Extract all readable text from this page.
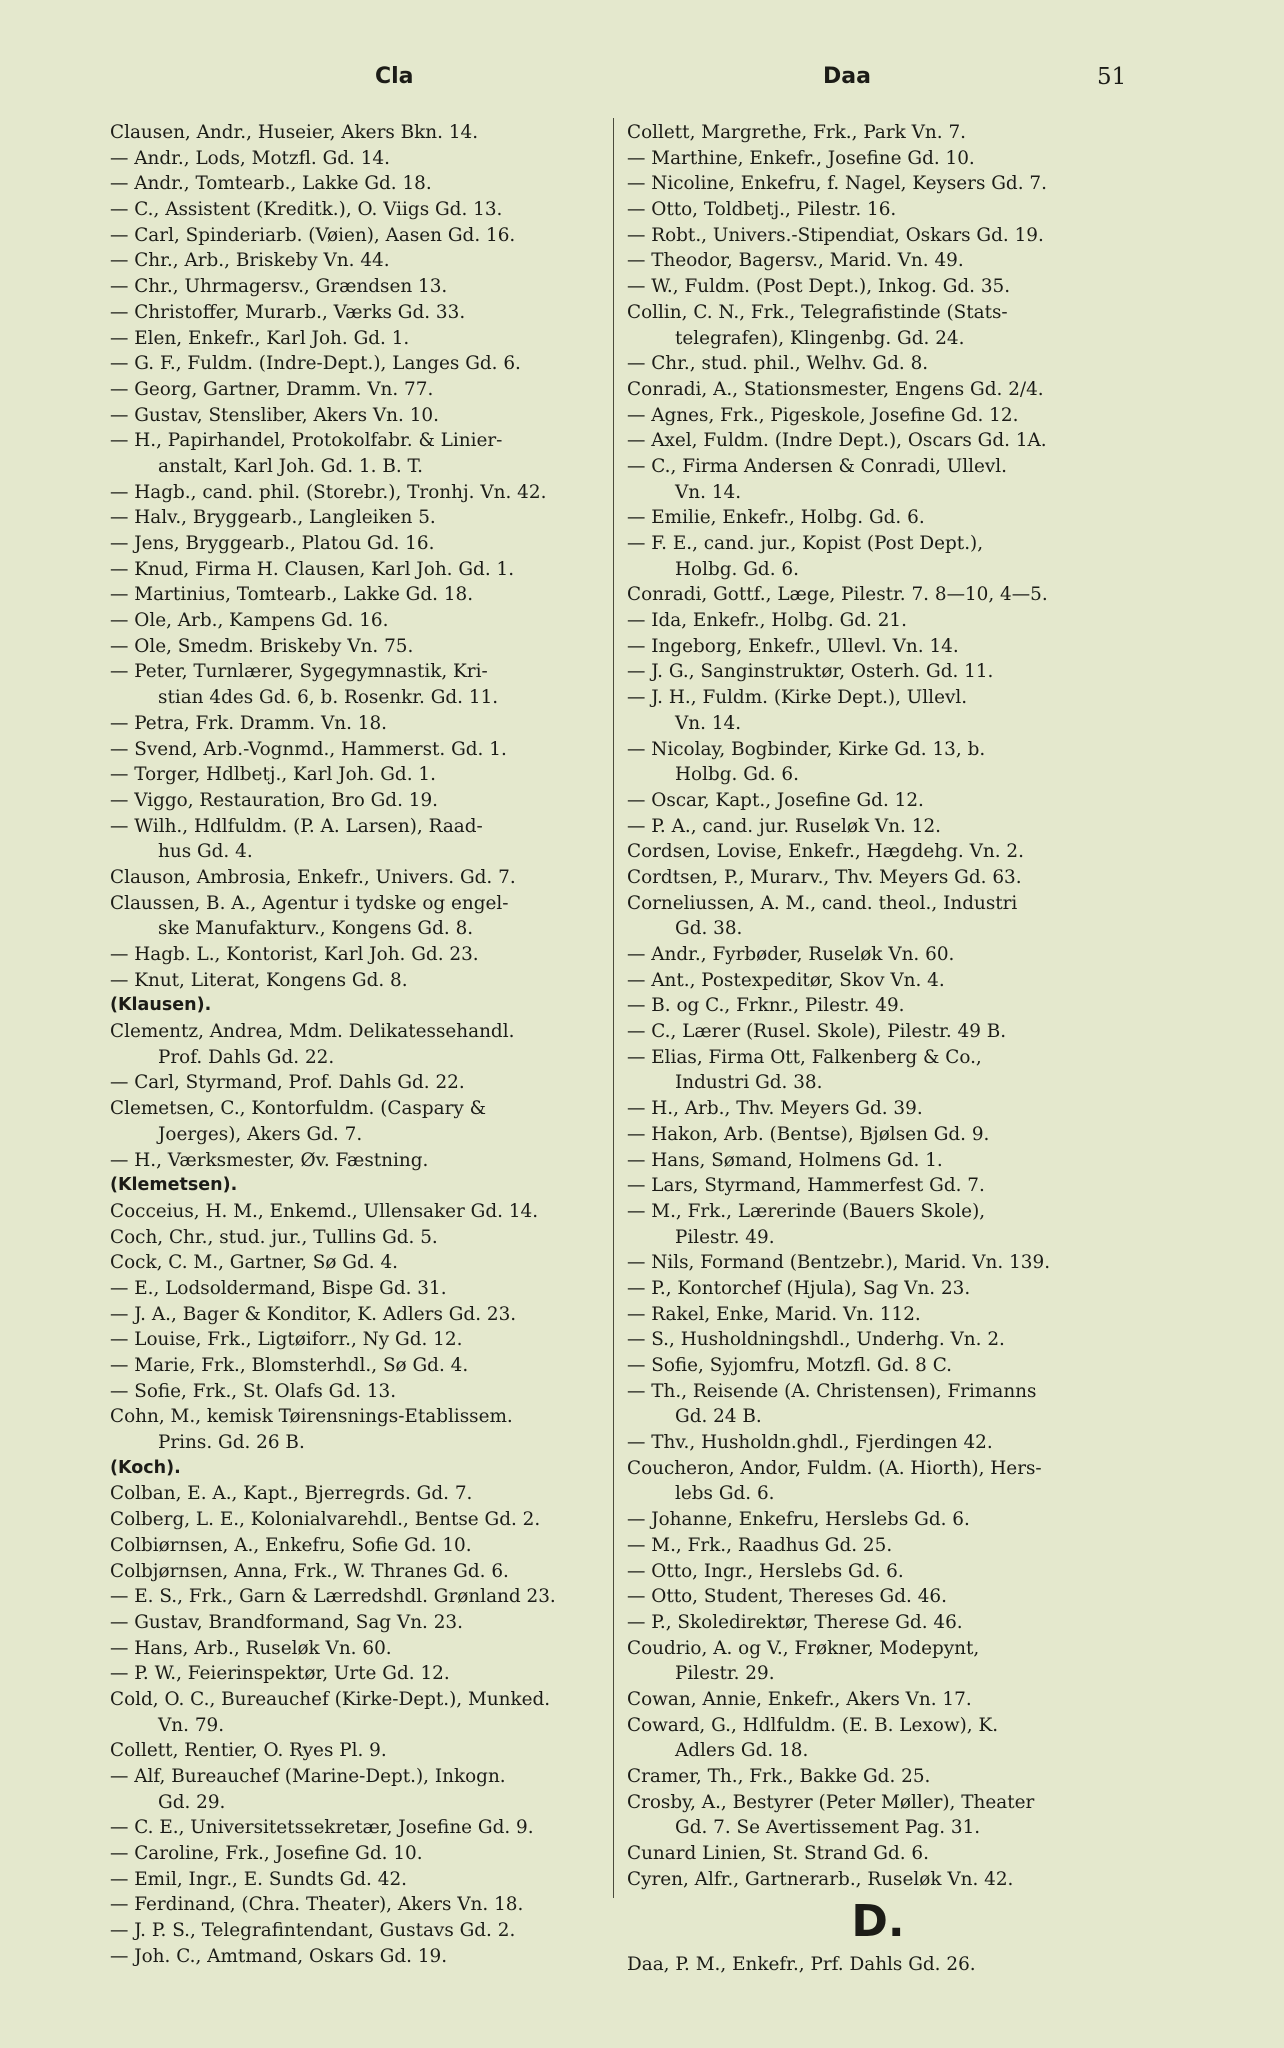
Cla	Daa	51
Clausen, Andr., Huseier, Akers Bkn. 14.
— Andr., Lods, Motzfl. Gd. 14.
— Andr., Tomtearb., Lakke Gd. 18.
— C., Assistent (Kreditk.), O. Viigs Gd. 13.
— Carl, Spinderiarb. (Vøien), Aasen Gd. 16.
— Chr., Arb., Briskeby Vn. 44.
— Chr., Uhrmagersv., Grændsen 13.
— Christoffer, Murarb., Værks Gd. 33.
— Elen, Enkefr., Karl Joh. Gd. 1.
— G. F., Fuldm. (Indre-Dept.), Langes Gd. 6.
— Georg, Gartner, Dramm. Vn. 77.
— Gustav, Stensliber, Akers Vn. 10.
— H., Papirhandel, Protokolfabr. & Linier-
anstalt, Karl Joh. Gd. 1. B. T.
— Hagb., cand. phil. (Storebr.), Tronhj. Vn. 42.
— Halv., Bryggearb., Langleiken 5.
— Jens, Bryggearb., Platou Gd. 16.
— Knud, Firma H. Clausen, Karl Joh. Gd. 1.
— Martinius, Tomtearb., Lakke Gd. 18.
— Ole, Arb., Kampens Gd. 16.
— Ole, Smedm. Briskeby Vn. 75.
— Peter, Turnlærer, Sygegymnastik, Kri-
stian 4des Gd. 6, b. Rosenkr. Gd. 11.
— Petra, Frk. Dramm. Vn. 18.
— Svend, Arb.-Vognmd., Hammerst. Gd. 1.
— Torger, Hdlbetj., Karl Joh. Gd. 1.
— Viggo, Restauration, Bro Gd. 19.
— Wilh., Hdlfuldm. (P. A. Larsen), Raad-
hus Gd. 4.
Clauson, Ambrosia, Enkefr., Univers. Gd. 7.
Claussen, B. A., Agentur i tydske og engel-
ske Manufakturv., Kongens Gd. 8.
— Hagb. L., Kontorist, Karl Joh. Gd. 23.
— Knut, Literat, Kongens Gd. 8.
(Klausen).
Clementz, Andrea, Mdm. Delikatessehandl.
Prof. Dahls Gd. 22.
— Carl, Styrmand, Prof. Dahls Gd. 22.
Clemetsen, C., Kontorfuldm. (Caspary &
Joerges), Akers Gd. 7.
— H., Værksmester, Øv. Fæstning.
(Klemetsen).
Cocceius, H. M., Enkemd., Ullensaker Gd. 14.
Coch, Chr., stud. jur., Tullins Gd. 5.
Cock, C. M., Gartner, Sø Gd. 4.
— E., Lodsoldermand, Bispe Gd. 31.
— J. A., Bager & Konditor, K. Adlers Gd. 23.
— Louise, Frk., Ligtøiforr., Ny Gd. 12.
— Marie, Frk., Blomsterhdl., Sø Gd. 4.
— Sofie, Frk., St. Olafs Gd. 13.
Cohn, M., kemisk Tøirensnings-Etablissem.
Prins. Gd. 26 B.
(Koch).
Colban, E. A., Kapt., Bjerregrds. Gd. 7.
Colberg, L. E., Kolonialvarehdl., Bentse Gd. 2.
Colbiørnsen, A., Enkefru, Sofie Gd. 10.
Colbjørnsen, Anna, Frk., W. Thranes Gd. 6.
— E. S., Frk., Garn & Lærredshdl. Grønland 23.
— Gustav, Brandformand, Sag Vn. 23.
— Hans, Arb., Ruseløk Vn. 60.
— P. W., Feierinspektør, Urte Gd. 12.
Cold, O. C., Bureauchef (Kirke-Dept.), Munked.
Vn. 79.
Collett, Rentier, O. Ryes Pl. 9.
— Alf, Bureauchef (Marine-Dept.), Inkogn.
Gd. 29.
— C. E., Universitetssekretær, Josefine Gd. 9.
— Caroline, Frk., Josefine Gd. 10.
— Emil, Ingr., E. Sundts Gd. 42.
— Ferdinand, (Chra. Theater), Akers Vn. 18.
— J. P. S., Telegrafintendant, Gustavs Gd. 2.
— Joh. C., Amtmand, Oskars Gd. 19.
Collett, Margrethe, Frk., Park Vn. 7.
— Marthine, Enkefr., Josefine Gd. 10.
— Nicoline, Enkefru, f. Nagel, Keysers Gd. 7.
— Otto, Toldbetj., Pilestr. 16.
— Robt., Univers.-Stipendiat, Oskars Gd. 19.
— Theodor, Bagersv., Marid. Vn. 49.
— W., Fuldm. (Post Dept.), Inkog. Gd. 35.
Collin, C. N., Frk., Telegrafistinde (Stats-
telegrafen), Klingenbg. Gd. 24.
— Chr., stud. phil., Welhv. Gd. 8.
Conradi, A., Stationsmester, Engens Gd. 2/4.
— Agnes, Frk., Pigeskole, Josefine Gd. 12.
— Axel, Fuldm. (Indre Dept.), Oscars Gd. 1A.
— C., Firma Andersen & Conradi, Ullevl.
Vn. 14.
— Emilie, Enkefr., Holbg. Gd. 6.
— F. E., cand. jur., Kopist (Post Dept.),
Holbg. Gd. 6.
Conradi, Gottf., Læge, Pilestr. 7. 8—10, 4—5.
— Ida, Enkefr., Holbg. Gd. 21.
— Ingeborg, Enkefr., Ullevl. Vn. 14.
— J. G., Sanginstruktør, Osterh. Gd. 11.
— J. H., Fuldm. (Kirke Dept.), Ullevl.
Vn. 14.
— Nicolay, Bogbinder, Kirke Gd. 13, b.
Holbg. Gd. 6.
— Oscar, Kapt., Josefine Gd. 12.
— P. A., cand. jur. Ruseløk Vn. 12.
Cordsen, Lovise, Enkefr., Hægdehg. Vn. 2.
Cordtsen, P., Murarv., Thv. Meyers Gd. 63.
Corneliussen, A. M., cand. theol., Industri
Gd. 38.
— Andr., Fyrbøder, Ruseløk Vn. 60.
— Ant., Postexpeditør, Skov Vn. 4.
— B. og C., Frknr., Pilestr. 49.
— C., Lærer (Rusel. Skole), Pilestr. 49 B.
— Elias, Firma Ott, Falkenberg & Co.,
Industri Gd. 38.
— H., Arb., Thv. Meyers Gd. 39.
— Hakon, Arb. (Bentse), Bjølsen Gd. 9.
— Hans, Sømand, Holmens Gd. 1.
— Lars, Styrmand, Hammerfest Gd. 7.
— M., Frk., Lærerinde (Bauers Skole),
Pilestr. 49.
— Nils, Formand (Bentzebr.), Marid. Vn. 139.
— P., Kontorchef (Hjula), Sag Vn. 23.
— Rakel, Enke, Marid. Vn. 112.
— S., Husholdningshdl., Underhg. Vn. 2.
— Sofie, Syjomfru, Motzfl. Gd. 8 C.
— Th., Reisende (A. Christensen), Frimanns
Gd. 24 B.
— Thv., Husholdn.ghdl., Fjerdingen 42.
Coucheron, Andor, Fuldm. (A. Hiorth), Hers-
lebs Gd. 6.
— Johanne, Enkefru, Herslebs Gd. 6.
— M., Frk., Raadhus Gd. 25.
— Otto, Ingr., Herslebs Gd. 6.
— Otto, Student, Thereses Gd. 46.
— P., Skoledirektør, Therese Gd. 46.
Coudrio, A. og V., Frøkner, Modepynt,
Pilestr. 29.
Cowan, Annie, Enkefr., Akers Vn. 17.
Coward, G., Hdlfuldm. (E. B. Lexow), K.
Adlers Gd. 18.
Cramer, Th., Frk., Bakke Gd. 25.
Crosby, A., Bestyrer (Peter Møller), Theater
Gd. 7. Se Avertissement Pag. 31.
Cunard Linien, St. Strand Gd. 6.
Cyren, Alfr., Gartnerarb., Ruseløk Vn. 42.
D.
Daa, P. M., Enkefr., Prf. Dahls Gd. 26.
